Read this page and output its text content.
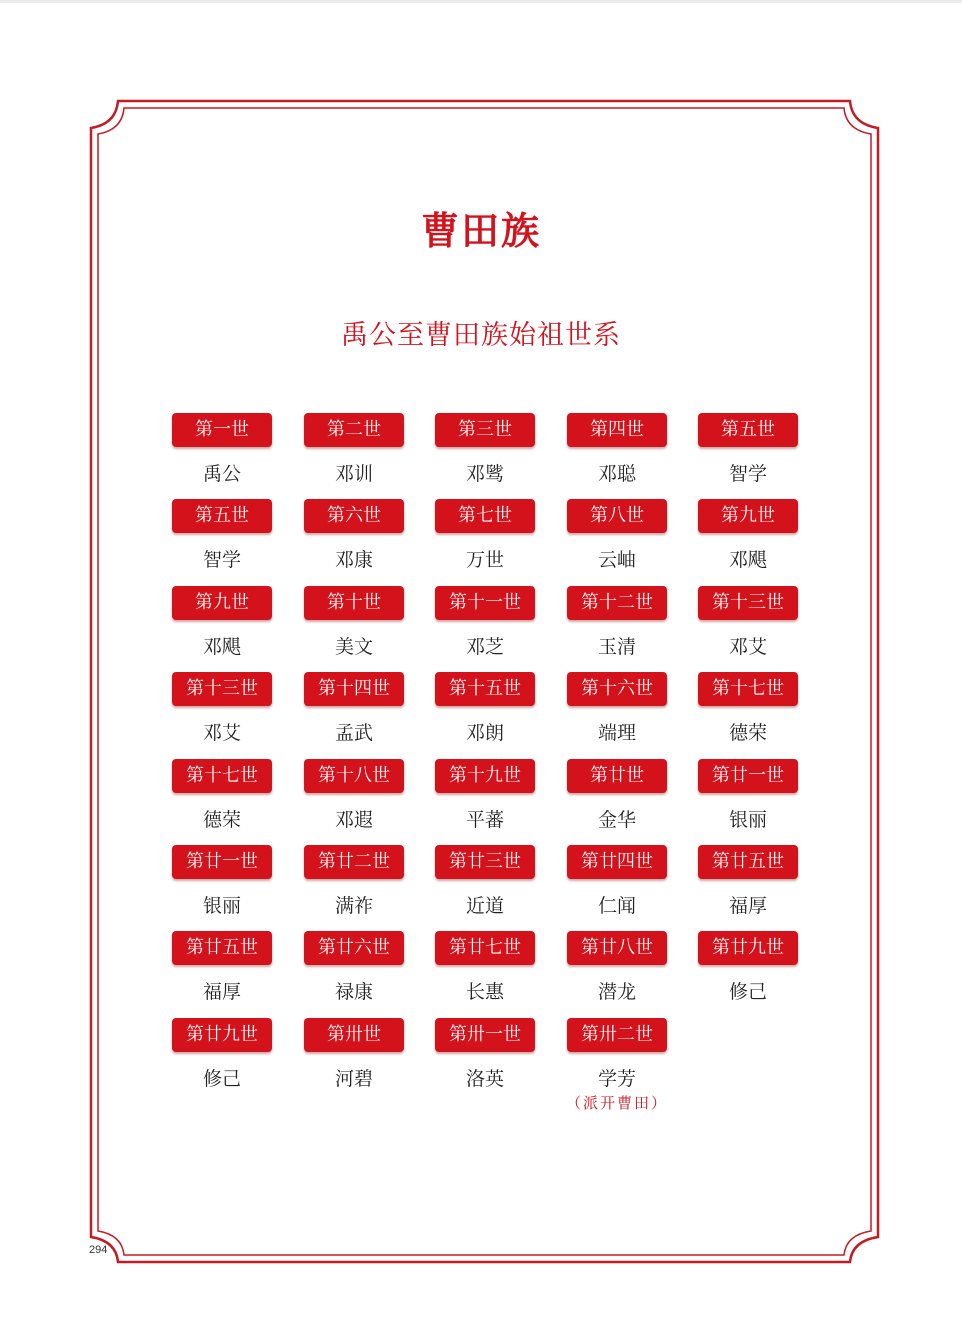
294
曹田族
禹公至曹田族始祖世系
第一世
禹公
第二世
邓训
第三世
邓骘
第四世
邓聪
第五世
智学
第五世
智学
第六世
邓康
第七世
万世
第八世
云岫
第九世
邓飓
第九世
邓飓
第十世
美文
第十一世
邓芝
第十二世
玉清
第十三世
邓艾
第十三世
邓艾
第十四世
孟武
第十五世
邓朗
第十六世
端理
第十七世
德荣
第十七世
德荣
第十八世
邓遐
第十九世
平蕃
第廿世
金华
第廿一世
银丽
第廿一世
银丽
第廿二世
满祚
第廿三世
近道
第廿四世
仁闻
第廿五世
福厚
第廿五世
福厚
第廿六世
禄康
第廿七世
长惠
第廿八世
潜龙
第廿九世
修己
第廿九世
修己
第卅世
河碧
第卅一世
洛英
第卅二世
学芳
（派开曹田）
